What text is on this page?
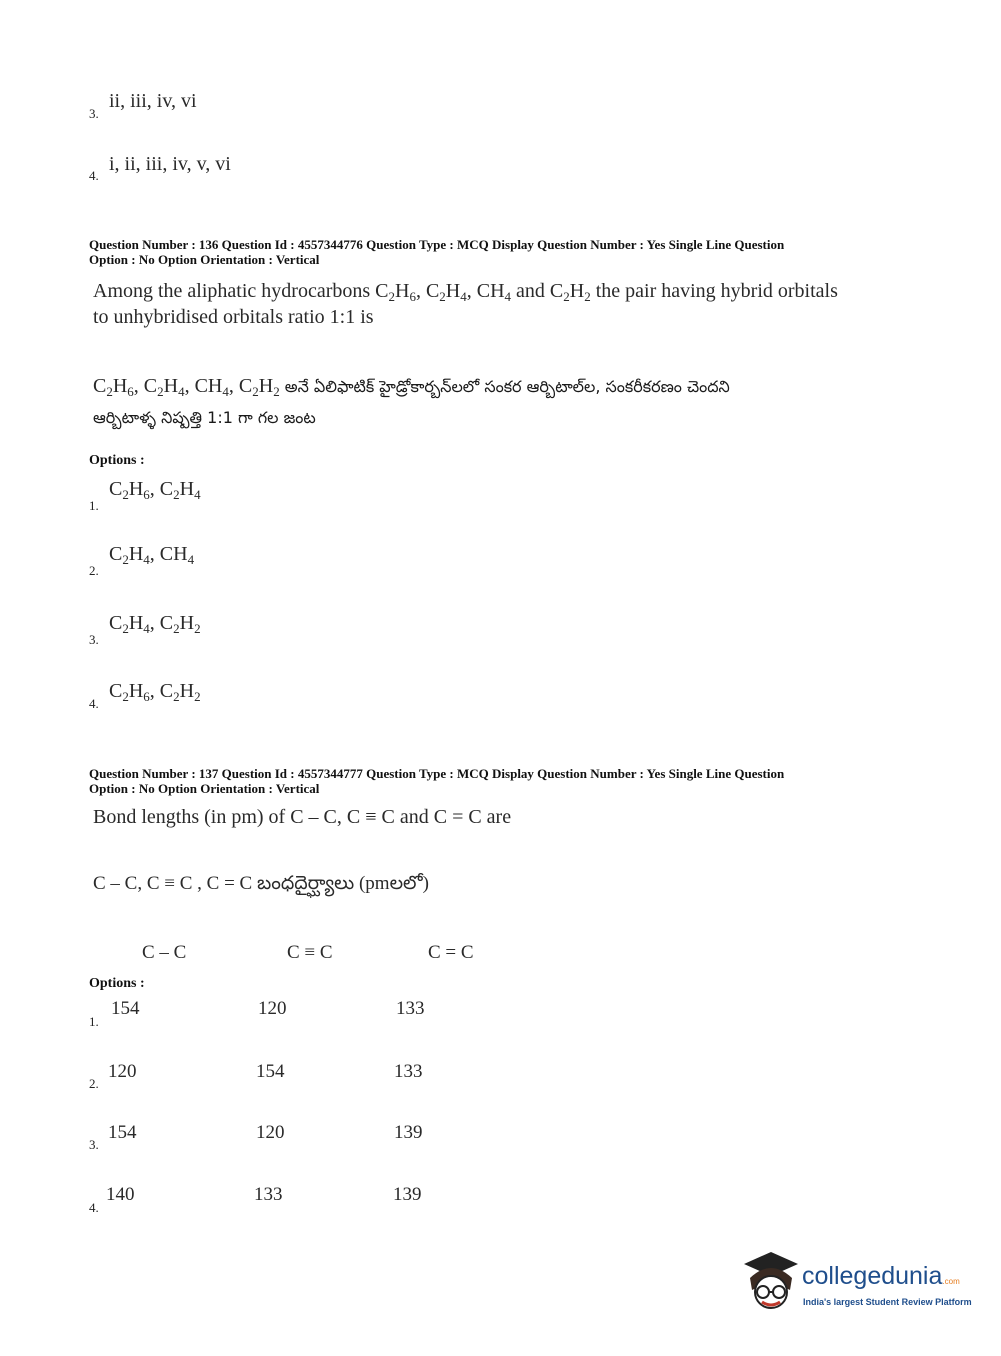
3.
ii, iii, iv, vi
4.
i, ii, iii, iv, v, vi
Question Number : 136 Question Id : 4557344776 Question Type : MCQ Display Question Number : Yes Single Line Question
Option : No Option Orientation : Vertical
Among the aliphatic hydrocarbons $C_2H_6$, $C_2H_4$, $CH_4$ and $C_2H_2$ the pair having hybrid orbitals
to unhybridised orbitals ratio 1:1 is
$C_2H_6$, $C_2H_4$, $CH_4$, $C_2H_2$ అనే ఏలిఫాటిక్ హైడ్రోకార్బన్‌లలో సంకర ఆర్బిటాల్‌ల, సంకరీకరణం చెందని
ఆర్బిటాళ్ళ నిష్పత్తి 1:1 గా గల జంట
Options :
1.
$C_2H_6$, $C_2H_4$
2.
$C_2H_4$, $CH_4$
3.
$C_2H_4$, $C_2H_2$
4.
$C_2H_6$, $C_2H_2$
Question Number : 137 Question Id : 4557344777 Question Type : MCQ Display Question Number : Yes Single Line Question
Option : No Option Orientation : Vertical
Bond lengths (in pm) of C – C, C ≡ C and C = C are
C – C, C ≡ C , C = C బంధదైర్ఘ్యాలు (pmలలో)
C – C	C ≡ C	C = C
Options :
1.
154	120	133
2.
120	154	133
3.
154	120	139
4.
140	133	139
collegedunia.com
India's largest Student Review Platform
